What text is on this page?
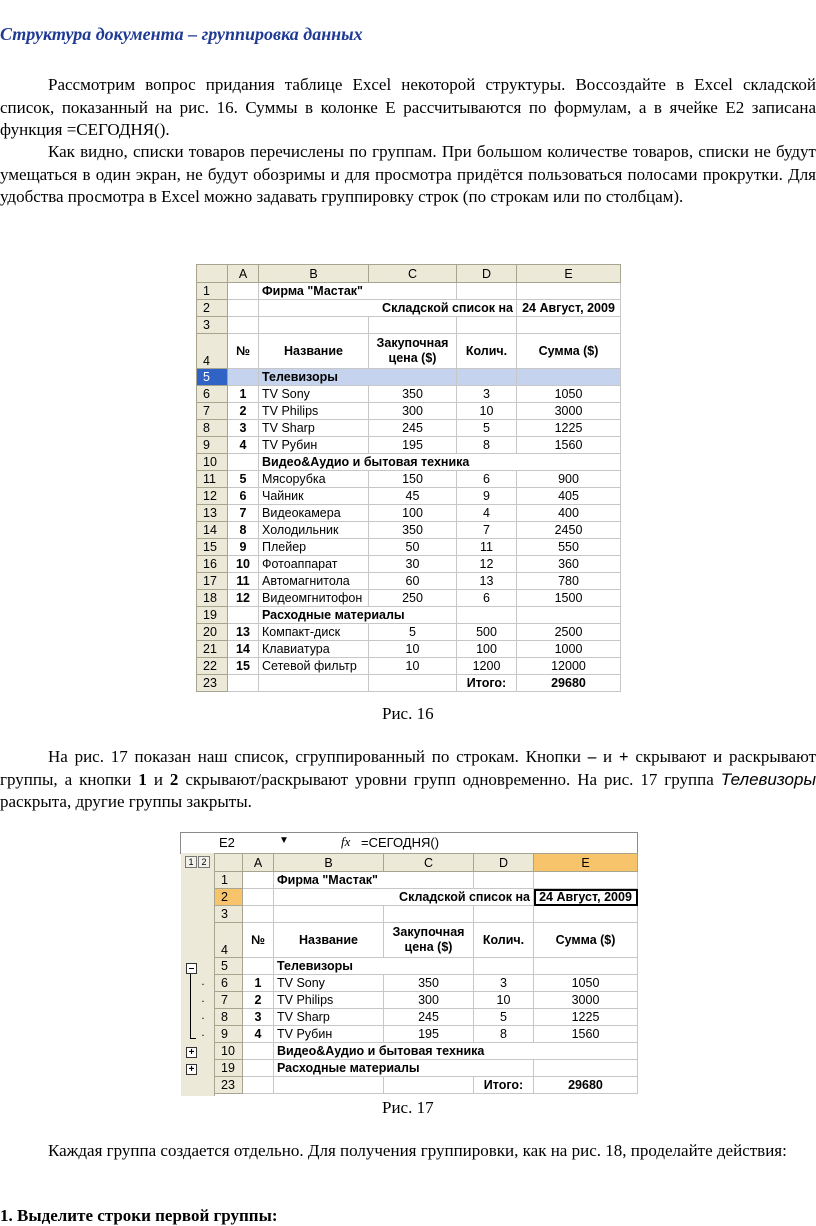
Структура документа – группировка данных

Рассмотрим вопрос придания таблице Excel некоторой структуры. Воссоздайте в Excel складской список, показанный на рис. 16. Суммы в колонке Е рассчитываются по формулам, а в ячейке Е2 записана функция =СЕГОДНЯ().

Как видно, списки товаров перечислены по группам. При большом количестве товаров, списки не будут умещаться в один экран, не будут обозримы и для просмотра придётся пользоваться полосами прокрутки. Для удобства просмотра в Excel можно задавать группировку строк (по строкам или по столбцам).

	A	B	C	D	E
1		Фирма "Мастак"			
2		Складской список на			24 Август, 2009
3					
4	№	Название	Закупочная цена ($)	Колич.	Сумма ($)
5		Телевизоры			
6	1	TV Sony	350	3	1050
7	2	TV Philips	300	10	3000
8	3	TV Sharp	245	5	1225
9	4	TV Рубин	195	8	1560
10		Видео&Аудио и бытовая техника			
11	5	Мясорубка	150	6	900
12	6	Чайник	45	9	405
13	7	Видеокамера	100	4	400
14	8	Холодильник	350	7	2450
15	9	Плейер	50	11	550
16	10	Фотоаппарат	30	12	360
17	11	Автомагнитола	60	13	780
18	12	Видеомгнитофон	250	6	1500
19		Расходные материалы			
20	13	Компакт-диск	5	500	2500
21	14	Клавиатура	10	100	1000
22	15	Сетевой фильтр	10	1200	12000
23				Итого:	29680
Рис. 16

На рис. 17 показан наш список, сгруппированный по строкам. Кнопки – и + скрывают и раскрывают группы, а кнопки 1 и 2 скрывают/раскрывают уровни групп одновременно. На рис. 17 группа Телевизоры раскрыта, другие группы закрыты.

E2	▼	fx =СЕГОДНЯ()
1 2
–
·
·
·
·
+
+
	A	B	C	D	E
1		Фирма "Мастак"			
2		Складской список на			24 Август, 2009
3					
4	№	Название	Закупочная цена ($)	Колич.	Сумма ($)
5		Телевизоры			
6	1	TV Sony	350	3	1050
7	2	TV Philips	300	10	3000
8	3	TV Sharp	245	5	1225
9	4	TV Рубин	195	8	1560
10		Видео&Аудио и бытовая техника			
19		Расходные материалы			
23				Итого:	29680
Рис. 17

Каждая группа создается отдельно. Для получения группировки, как на рис. 18, проделайте действия:

1. Выделите строки первой группы:
